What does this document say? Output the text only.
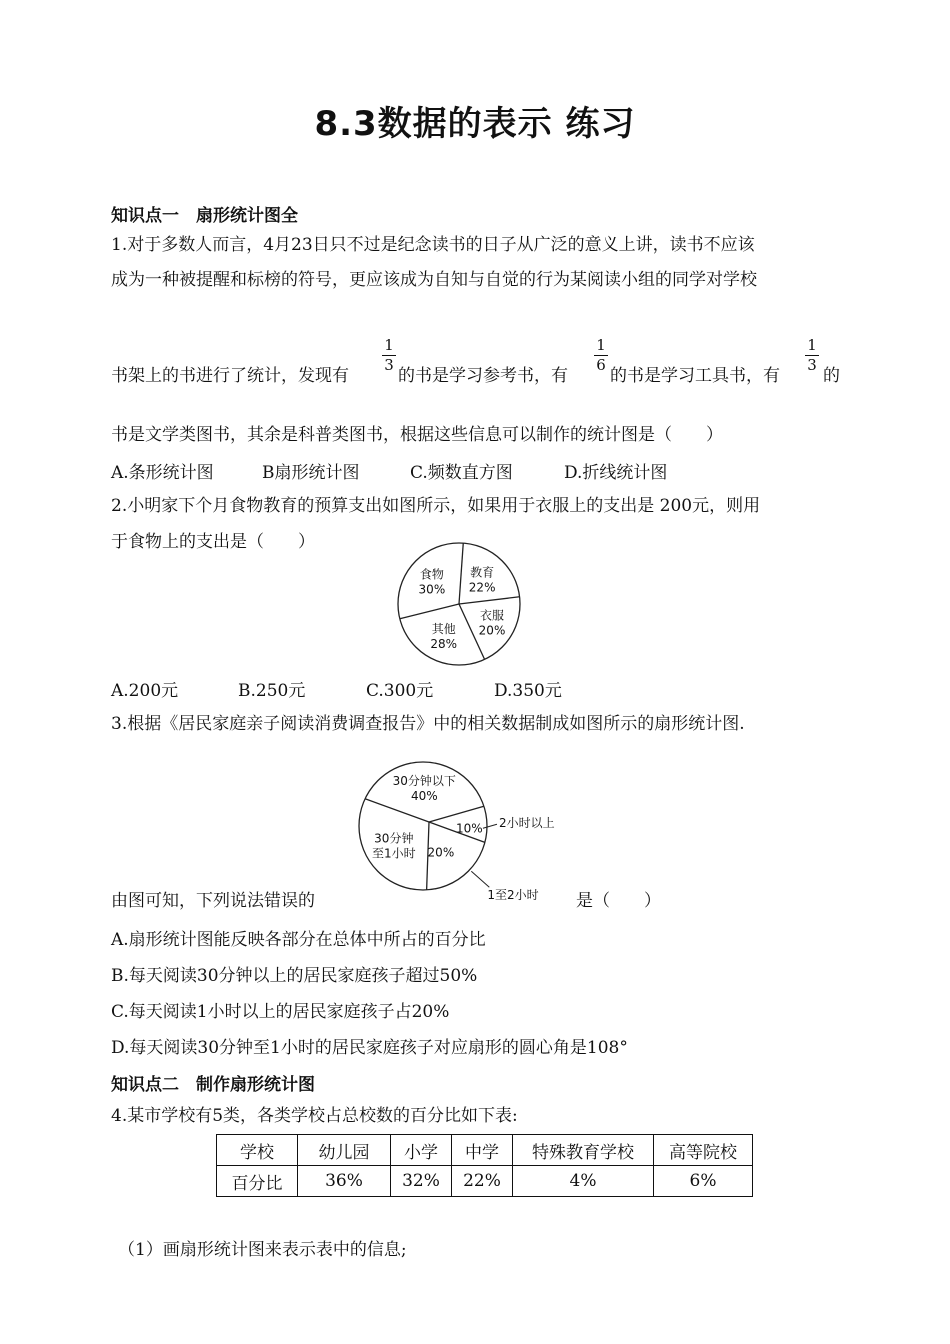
8.3数据的表示 练习
知识点一　扇形统计图全
1.对于多数人而言，4月23日只不过是纪念读书的日子从广泛的意义上讲，读书不应该
成为一种被提醒和标榜的符号，更应该成为自知与自觉的行为某阅读小组的同学对学校
书架上的书进行了统计，发现有
1
3
的书是学习参考书，有
1
6
的书是学习工具书，有
1
3
的
书是文学类图书，其余是科普类图书，根据这些信息可以制作的统计图是（　　）
A.条形统计图	B扇形统计图	C.频数直方图	D.折线统计图
2.小明家下个月食物教育的预算支出如图所示，如果用于衣服上的支出是 200元，则用
于食物上的支出是（　　）
教育
22%
衣服
20%
其他
28%
食物
30%
A.200元	B.250元	C.300元	D.350元
3.根据《居民家庭亲子阅读消费调查报告》中的相关数据制成如图所示的扇形统计图.
30分钟以下
40%
10% 2小时以上
20%
1至2小时
30分钟
至1小时
由图可知，下列说法错误的	是（　　）
A.扇形统计图能反映各部分在总体中所占的百分比
B.每天阅读30分钟以上的居民家庭孩子超过50%
C.每天阅读1小时以上的居民家庭孩子占20%
D.每天阅读30分钟至1小时的居民家庭孩子对应扇形的圆心角是108°
知识点二　制作扇形统计图
4.某市学校有5类，各类学校占总校数的百分比如下表:
学校	幼儿园	小学	中学	特殊教育学校	高等院校
百分比	36%	32%	22%	4%	6%
（1）画扇形统计图来表示表中的信息;
